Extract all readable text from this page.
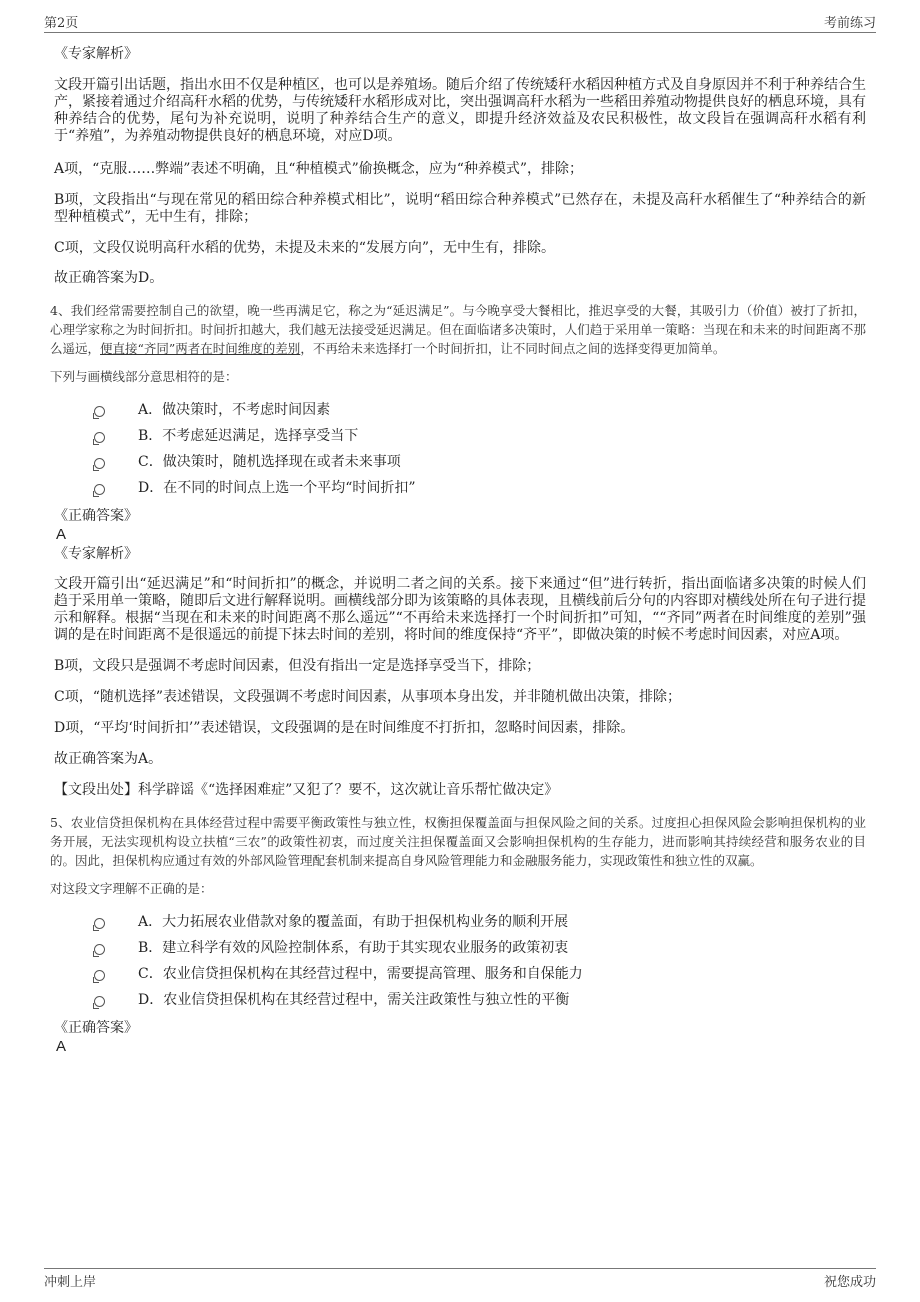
第2页	考前练习

《专家解析》

文段开篇引出话题，指出水田不仅是种植区，也可以是养殖场。随后介绍了传统矮秆水稻因种植方式及自身原因并不利于种养结合生产，紧接着通过介绍高秆水稻的优势，与传统矮秆水稻形成对比，突出强调高秆水稻为一些稻田养殖动物提供良好的栖息环境，具有种养结合的优势，尾句为补充说明，说明了种养结合生产的意义，即提升经济效益及农民积极性，故文段旨在强调高秆水稻有利于“养殖”，为养殖动物提供良好的栖息环境，对应D项。

A项，“克服……弊端”表述不明确，且“种植模式”偷换概念，应为“种养模式”，排除；

B项，文段指出“与现在常见的稻田综合种养模式相比”，说明“稻田综合种养模式”已然存在，未提及高秆水稻催生了“种养结合的新型种植模式”，无中生有，排除；

C项，文段仅说明高秆水稻的优势，未提及未来的“发展方向”，无中生有，排除。

故正确答案为D。

4、我们经常需要控制自己的欲望，晚一些再满足它，称之为“延迟满足”。与今晚享受大餐相比，推迟享受的大餐，其吸引力（价值）被打了折扣，心理学家称之为时间折扣。时间折扣越大，我们越无法接受延迟满足。但在面临诸多决策时，人们趋于采用单一策略：当现在和未来的时间距离不那么遥远，便直接“齐同”两者在时间维度的差别，不再给未来选择打一个时间折扣，让不同时间点之间的选择变得更加简单。

下列与画横线部分意思相符的是：

A．做决策时，不考虑时间因素
B．不考虑延迟满足，选择享受当下
C．做决策时，随机选择现在或者未来事项
D．在不同的时间点上选一个平均“时间折扣”

《正确答案》

A

《专家解析》

文段开篇引出“延迟满足”和“时间折扣”的概念，并说明二者之间的关系。接下来通过“但”进行转折，指出面临诸多决策的时候人们趋于采用单一策略，随即后文进行解释说明。画横线部分即为该策略的具体表现，且横线前后分句的内容即对横线处所在句子进行提示和解释。根据“当现在和未来的时间距离不那么遥远”“不再给未来选择打一个时间折扣”可知，““齐同”两者在时间维度的差别”强调的是在时间距离不是很遥远的前提下抹去时间的差别，将时间的维度保持“齐平”，即做决策的时候不考虑时间因素，对应A项。

B项，文段只是强调不考虑时间因素，但没有指出一定是选择享受当下，排除；

C项，“随机选择”表述错误，文段强调不考虑时间因素，从事项本身出发，并非随机做出决策，排除；

D项，“平均‘时间折扣’”表述错误，文段强调的是在时间维度不打折扣，忽略时间因素，排除。

故正确答案为A。

【文段出处】科学辟谣《“选择困难症”又犯了？要不，这次就让音乐帮忙做决定》

5、农业信贷担保机构在具体经营过程中需要平衡政策性与独立性，权衡担保覆盖面与担保风险之间的关系。过度担心担保风险会影响担保机构的业务开展，无法实现机构设立扶植“三农”的政策性初衷，而过度关注担保覆盖面又会影响担保机构的生存能力，进而影响其持续经营和服务农业的目的。因此，担保机构应通过有效的外部风险管理配套机制来提高自身风险管理能力和金融服务能力，实现政策性和独立性的双赢。

对这段文字理解不正确的是：

A．大力拓展农业借款对象的覆盖面，有助于担保机构业务的顺利开展
B．建立科学有效的风险控制体系，有助于其实现农业服务的政策初衷
C．农业信贷担保机构在其经营过程中，需要提高管理、服务和自保能力
D．农业信贷担保机构在其经营过程中，需关注政策性与独立性的平衡

《正确答案》

A

冲刺上岸	祝您成功
